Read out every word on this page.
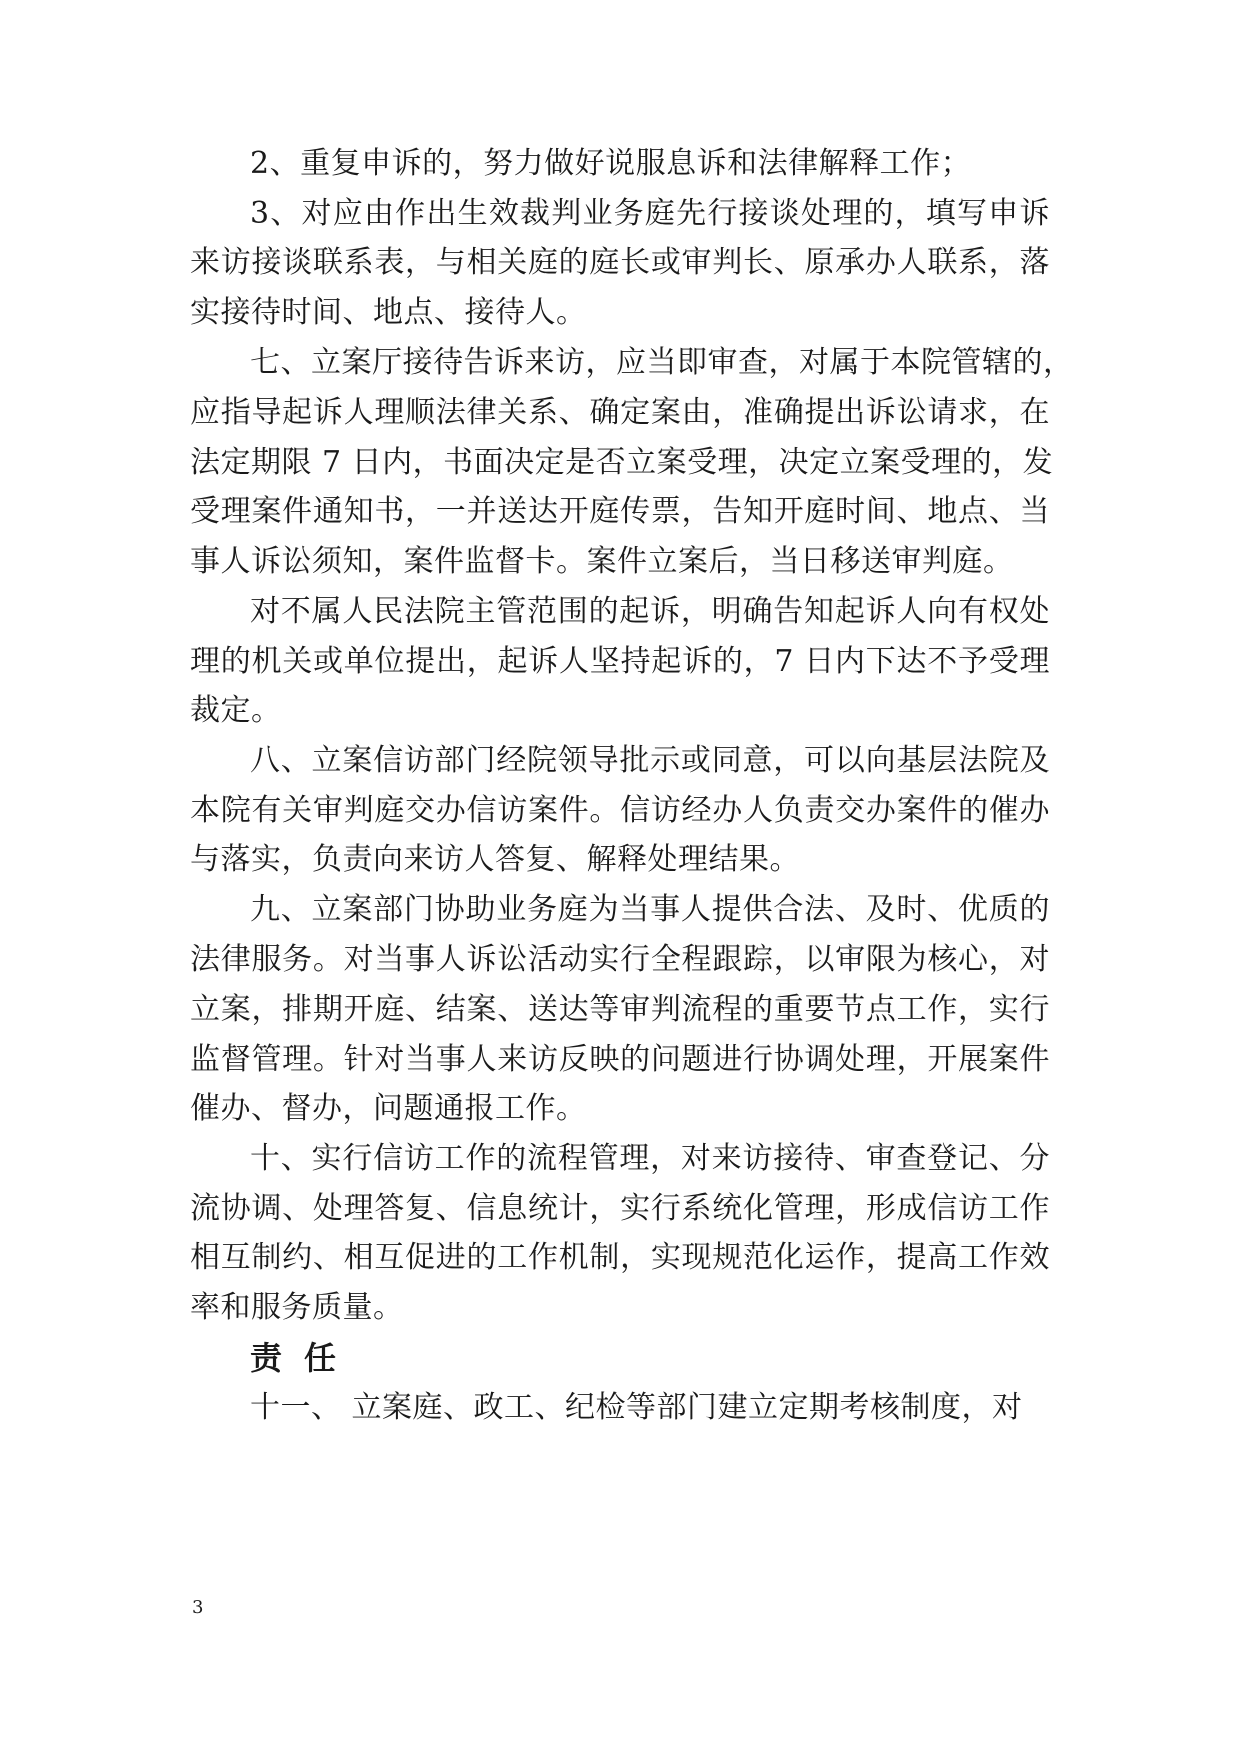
2、重复申诉的，努力做好说服息诉和法律解释工作；
3、对应由作出生效裁判业务庭先行接谈处理的，填写申诉
来访接谈联系表，与相关庭的庭长或审判长、原承办人联系，落
实接待时间、地点、接待人。
七、立案厅接待告诉来访，应当即审查，对属于本院管辖的，
应指导起诉人理顺法律关系、确定案由，准确提出诉讼请求，在
法定期限 7 日内，书面决定是否立案受理，决定立案受理的，发
受理案件通知书，一并送达开庭传票，告知开庭时间、地点、当
事人诉讼须知，案件监督卡。案件立案后，当日移送审判庭。
对不属人民法院主管范围的起诉，明确告知起诉人向有权处
理的机关或单位提出，起诉人坚持起诉的，7 日内下达不予受理
裁定。
八、立案信访部门经院领导批示或同意，可以向基层法院及
本院有关审判庭交办信访案件。信访经办人负责交办案件的催办
与落实，负责向来访人答复、解释处理结果。
九、立案部门协助业务庭为当事人提供合法、及时、优质的
法律服务。对当事人诉讼活动实行全程跟踪，以审限为核心，对
立案，排期开庭、结案、送达等审判流程的重要节点工作，实行
监督管理。针对当事人来访反映的问题进行协调处理，开展案件
催办、督办，问题通报工作。
十、实行信访工作的流程管理，对来访接待、审查登记、分
流协调、处理答复、信息统计，实行系统化管理，形成信访工作
相互制约、相互促进的工作机制，实现规范化运作，提高工作效
率和服务质量。
责任
十一、 立案庭、政工、纪检等部门建立定期考核制度，对
3
